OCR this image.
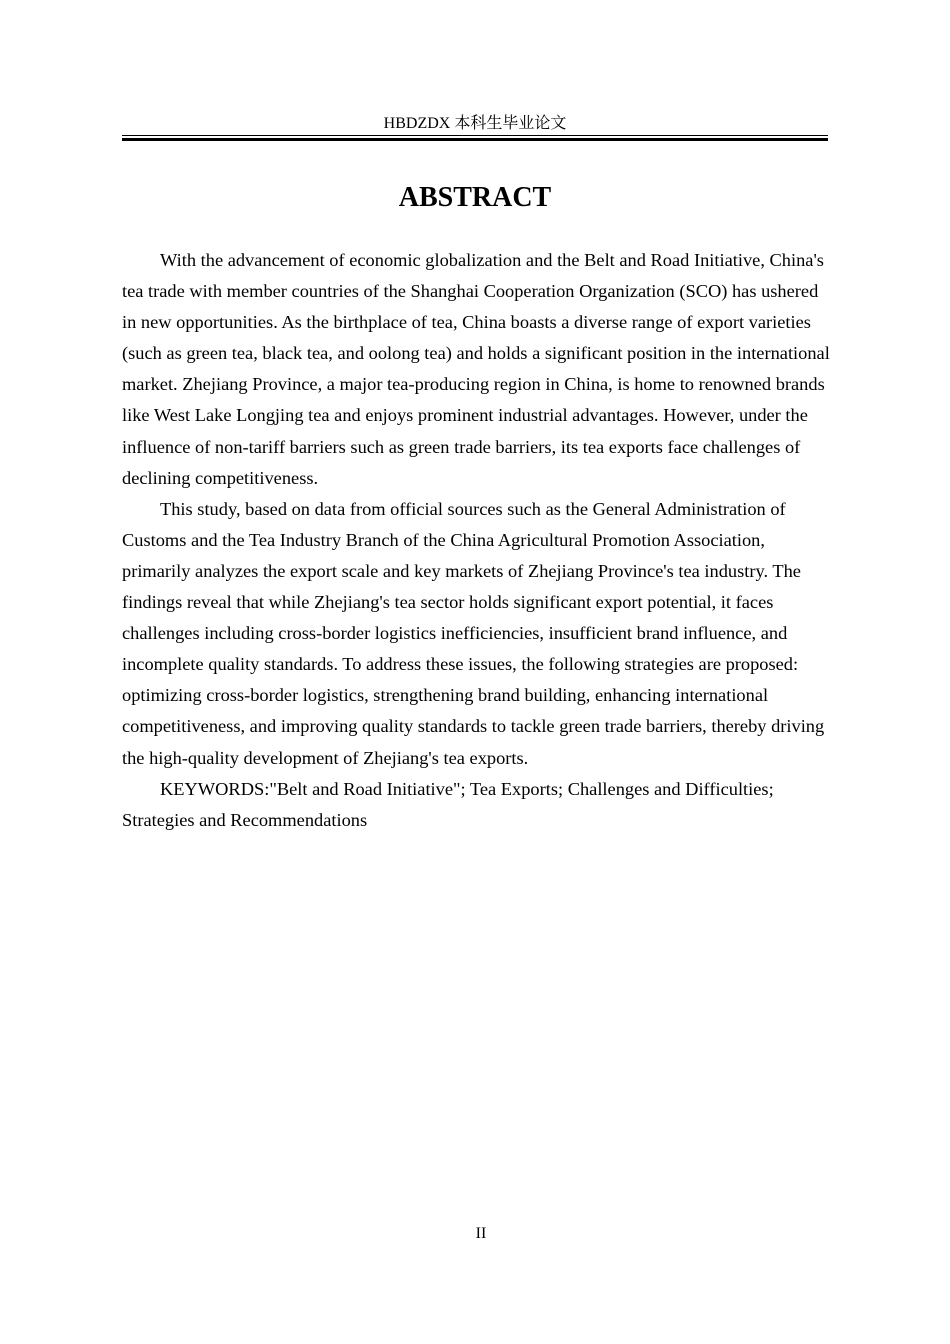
HBDZDX 本科生毕业论文
ABSTRACT

With the advancement of economic globalization and the Belt and Road Initiative, China's tea trade with member countries of the Shanghai Cooperation Organization (SCO) has ushered in new opportunities. As the birthplace of tea, China boasts a diverse range of export varieties (such as green tea, black tea, and oolong tea) and holds a significant position in the international market. Zhejiang Province, a major tea-producing region in China, is home to renowned brands like West Lake Longjing tea and enjoys prominent industrial advantages. However, under the influence of non-tariff barriers such as green trade barriers, its tea exports face challenges of declining competitiveness.

This study, based on data from official sources such as the General Administration of Customs and the Tea Industry Branch of the China Agricultural Promotion Association, primarily analyzes the export scale and key markets of Zhejiang Province's tea industry. The findings reveal that while Zhejiang's tea sector holds significant export potential, it faces challenges including cross-border logistics inefficiencies, insufficient brand influence, and incomplete quality standards. To address these issues, the following strategies are proposed: optimizing cross-border logistics, strengthening brand building, enhancing international competitiveness, and improving quality standards to tackle green trade barriers, thereby driving the high-quality development of Zhejiang's tea exports.

KEYWORDS:"Belt and Road Initiative"; Tea Exports; Challenges and Difficulties; Strategies and Recommendations

II
